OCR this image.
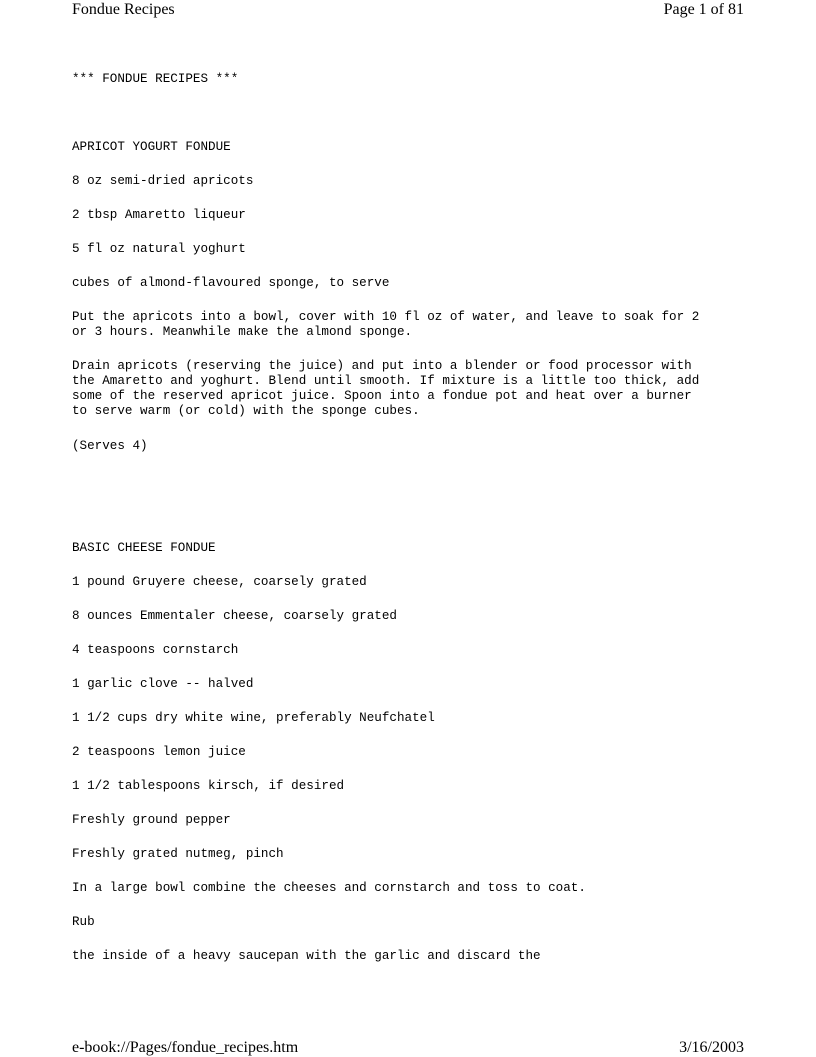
Fondue Recipes	Page 1 of 81

*** FONDUE RECIPES ***

APRICOT YOGURT FONDUE

8 oz semi-dried apricots

2 tbsp Amaretto liqueur

5 fl oz natural yoghurt

cubes of almond-flavoured sponge, to serve

Put the apricots into a bowl, cover with 10 fl oz of water, and leave to soak for 2
or 3 hours. Meanwhile make the almond sponge.

Drain apricots (reserving the juice) and put into a blender or food processor with
the Amaretto and yoghurt. Blend until smooth. If mixture is a little too thick, add
some of the reserved apricot juice. Spoon into a fondue pot and heat over a burner
to serve warm (or cold) with the sponge cubes.

(Serves 4)

BASIC CHEESE FONDUE

1 pound Gruyere cheese, coarsely grated

8 ounces Emmentaler cheese, coarsely grated

4 teaspoons cornstarch

1 garlic clove -- halved

1 1/2 cups dry white wine, preferably Neufchatel

2 teaspoons lemon juice

1 1/2 tablespoons kirsch, if desired

Freshly ground pepper

Freshly grated nutmeg, pinch

In a large bowl combine the cheeses and cornstarch and toss to coat.

Rub

the inside of a heavy saucepan with the garlic and discard the

e-book://Pages/fondue_recipes.htm	3/16/2003
